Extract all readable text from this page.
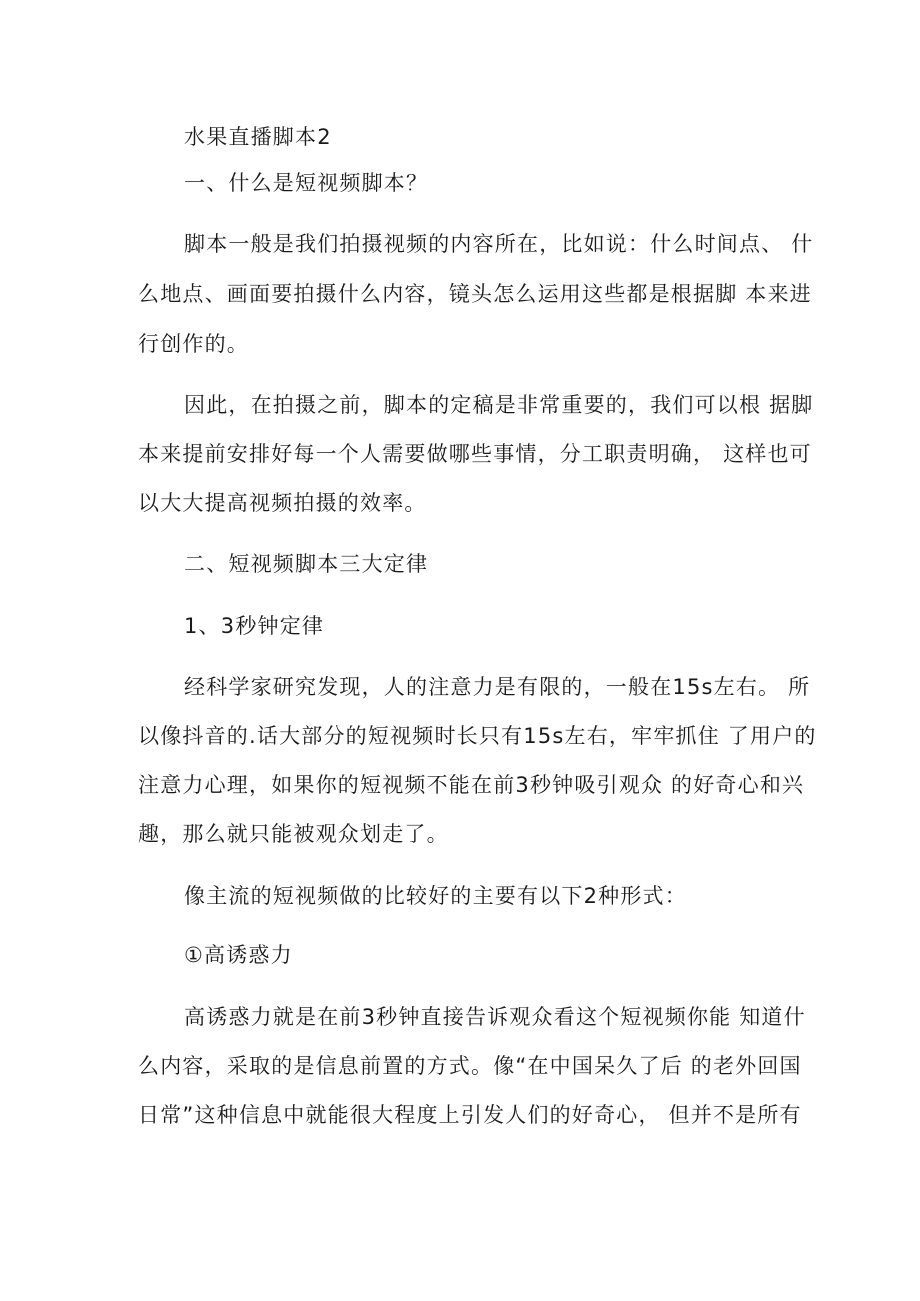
水果直播脚本2
一、什么是短视频脚本？
脚本一般是我们拍摄视频的内容所在，比如说：什么时间点、 什
么地点、画面要拍摄什么内容，镜头怎么运用这些都是根据脚 本来进
行创作的。
因此，在拍摄之前，脚本的定稿是非常重要的，我们可以根 据脚
本来提前安排好每一个人需要做哪些事情，分工职责明确， 这样也可
以大大提高视频拍摄的效率。
二、短视频脚本三大定律
1、3秒钟定律
经科学家研究发现，人的注意力是有限的，一般在15s左右。 所
以像抖音的.话大部分的短视频时长只有15s左右，牢牢抓住 了用户的
注意力心理，如果你的短视频不能在前3秒钟吸引观众 的好奇心和兴
趣，那么就只能被观众划走了。
像主流的短视频做的比较好的主要有以下2种形式：
①高诱惑力
高诱惑力就是在前3秒钟直接告诉观众看这个短视频你能 知道什
么内容，采取的是信息前置的方式。像“在中国呆久了后 的老外回国
日常”这种信息中就能很大程度上引发人们的好奇心， 但并不是所有
